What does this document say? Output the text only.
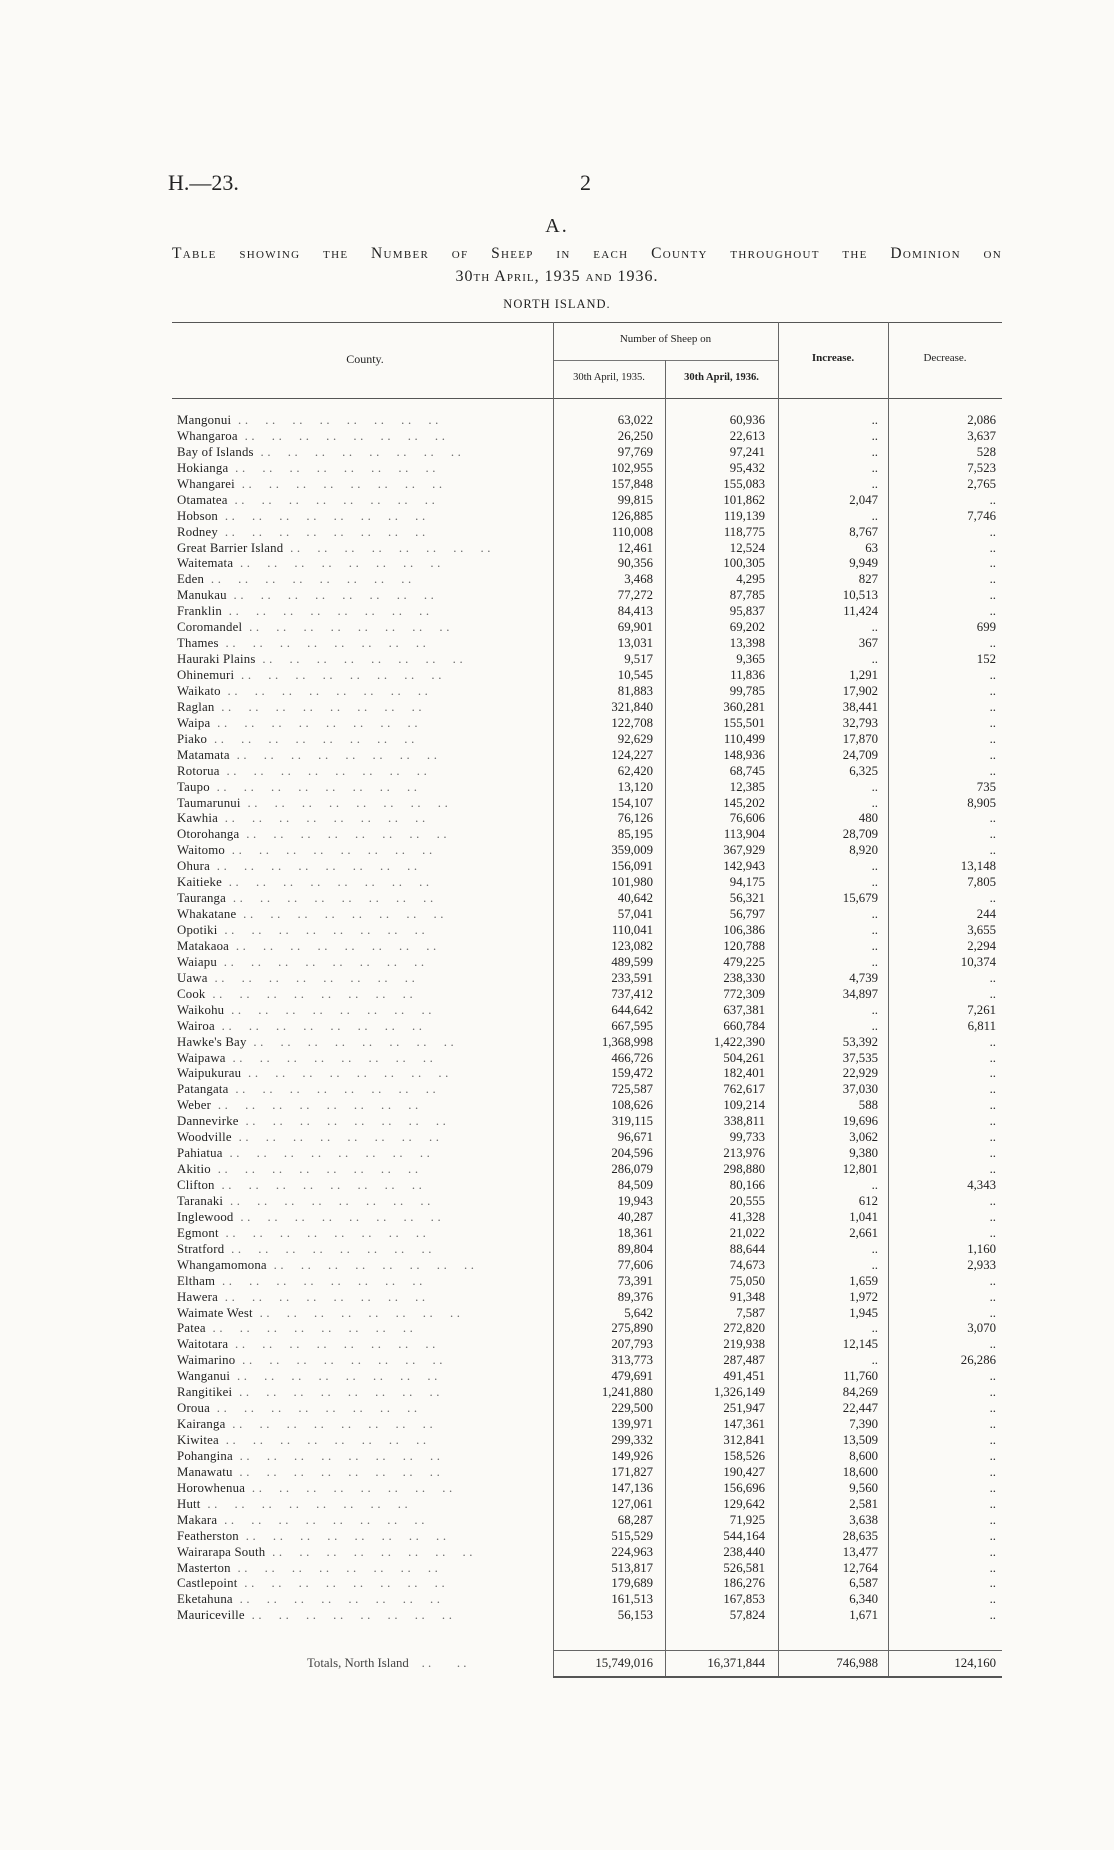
H.—23.	2
A.
Table showing the Number of Sheep in each County throughout the Dominion on
30th April, 1935 and 1936.
NORTH ISLAND.
County.
Number of Sheep on
30th April, 1935.	30th April, 1936.
Increase.	Decrease.
Mangonui . .	63,022	60,936	..	2,086
Whangaroa . .	26,250	22,613	..	3,637
Bay of Islands . .	97,769	97,241	..	528
Hokianga . .	102,955	95,432	..	7,523
Whangarei . .	157,848	155,083	..	2,765
Otamatea . .	99,815	101,862	2,047	..
Hobson . .	126,885	119,139	..	7,746
Rodney . .	110,008	118,775	8,767	..
Great Barrier Island . .	12,461	12,524	63	..
Waitemata . .	90,356	100,305	9,949	..
Eden . .	3,468	4,295	827	..
Manukau . .	77,272	87,785	10,513	..
Franklin . .	84,413	95,837	11,424	..
Coromandel . .	69,901	69,202	..	699
Thames . .	13,031	13,398	367	..
Hauraki Plains . .	9,517	9,365	..	152
Ohinemuri . .	10,545	11,836	1,291	..
Waikato . .	81,883	99,785	17,902	..
Raglan . .	321,840	360,281	38,441	..
Waipa . .	122,708	155,501	32,793	..
Piako . .	92,629	110,499	17,870	..
Matamata . .	124,227	148,936	24,709	..
Rotorua . .	62,420	68,745	6,325	..
Taupo . .	13,120	12,385	..	735
Taumarunui . .	154,107	145,202	..	8,905
Kawhia . .	76,126	76,606	480	..
Otorohanga . .	85,195	113,904	28,709	..
Waitomo . .	359,009	367,929	8,920	..
Ohura . .	156,091	142,943	..	13,148
Kaitieke . .	101,980	94,175	..	7,805
Tauranga . .	40,642	56,321	15,679	..
Whakatane . .	57,041	56,797	..	244
Opotiki . .	110,041	106,386	..	3,655
Matakaoa . .	123,082	120,788	..	2,294
Waiapu . .	489,599	479,225	..	10,374
Uawa . .	233,591	238,330	4,739	..
Cook . .	737,412	772,309	34,897	..
Waikohu . .	644,642	637,381	..	7,261
Wairoa . .	667,595	660,784	..	6,811
Hawke's Bay . .	1,368,998	1,422,390	53,392	..
Waipawa . .	466,726	504,261	37,535	..
Waipukurau . .	159,472	182,401	22,929	..
Patangata . .	725,587	762,617	37,030	..
Weber . .	108,626	109,214	588	..
Dannevirke . .	319,115	338,811	19,696	..
Woodville . .	96,671	99,733	3,062	..
Pahiatua . .	204,596	213,976	9,380	..
Akitio . .	286,079	298,880	12,801	..
Clifton . .	84,509	80,166	..	4,343
Taranaki . .	19,943	20,555	612	..
Inglewood . .	40,287	41,328	1,041	..
Egmont . .	18,361	21,022	2,661	..
Stratford . .	89,804	88,644	..	1,160
Whangamomona . .	77,606	74,673	..	2,933
Eltham . .	73,391	75,050	1,659	..
Hawera . .	89,376	91,348	1,972	..
Waimate West . .	5,642	7,587	1,945	..
Patea . .	275,890	272,820	..	3,070
Waitotara . .	207,793	219,938	12,145	..
Waimarino . .	313,773	287,487	..	26,286
Wanganui . .	479,691	491,451	11,760	..
Rangitikei . .	1,241,880	1,326,149	84,269	..
Oroua . .	229,500	251,947	22,447	..
Kairanga . .	139,971	147,361	7,390	..
Kiwitea . .	299,332	312,841	13,509	..
Pohangina . .	149,926	158,526	8,600	..
Manawatu . .	171,827	190,427	18,600	..
Horowhenua . .	147,136	156,696	9,560	..
Hutt . .	127,061	129,642	2,581	..
Makara . .	68,287	71,925	3,638	..
Featherston . .	515,529	544,164	28,635	..
Wairarapa South . .	224,963	238,440	13,477	..
Masterton . .	513,817	526,581	12,764	..
Castlepoint . .	179,689	186,276	6,587	..
Eketahuna . .	161,513	167,853	6,340	..
Mauriceville . .	56,153	57,824	1,671	..
Totals, North Island . .	15,749,016	16,371,844	746,988	124,160
